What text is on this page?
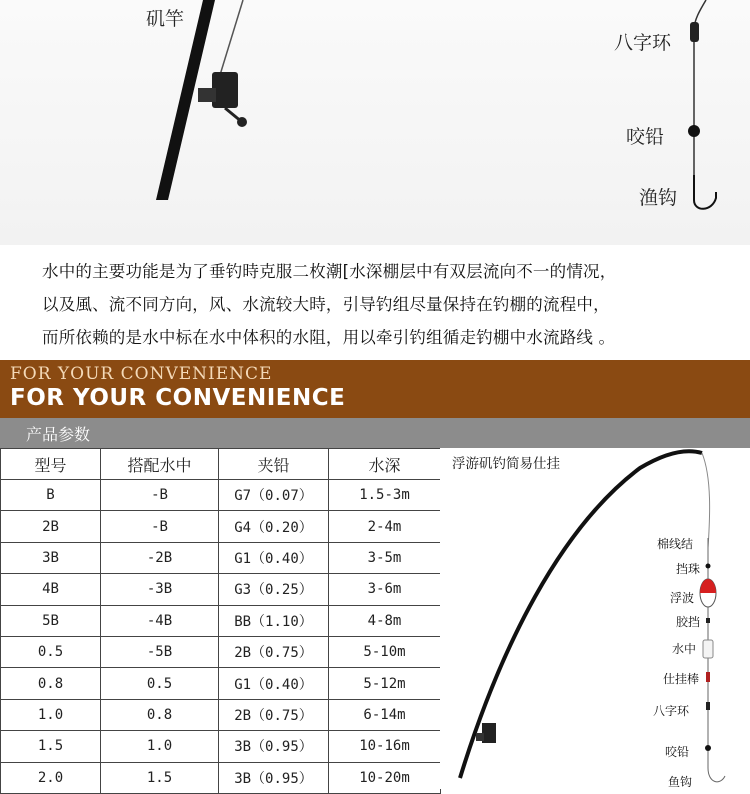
矶竿
八字环
咬铅
渔钩
水中的主要功能是为了垂钓時克服二枚潮[水深棚层中有双层流向不一的情况，
以及風、流不同方向，风、水流较大時，引导钓组尽量保持在钓棚的流程中，
而所依赖的是水中标在水中体积的水阻，用以牵引钓组循走钓棚中水流路线 。
FOR YOUR CONVENIENCE
FOR YOUR CONVENIENCE
产品参数
型号	搭配水中	夹铅	水深
B	-B	G7（0.07）	1.5-3m
2B	-B	G4（0.20）	2-4m
3B	-2B	G1（0.40）	3-5m
4B	-3B	G3（0.25）	3-6m
5B	-4B	BB（1.10）	4-8m
0.5	-5B	2B（0.75）	5-10m
0.8	0.5	G1（0.40）	5-12m
1.0	0.8	2B（0.75）	6-14m
1.5	1.0	3B（0.95）	10-16m
2.0	1.5	3B（0.95）	10-20m
浮游矶钓简易仕挂
棉线结
挡珠
浮波
胶挡
水中
仕挂棒
八字环
咬铅
鱼钩
